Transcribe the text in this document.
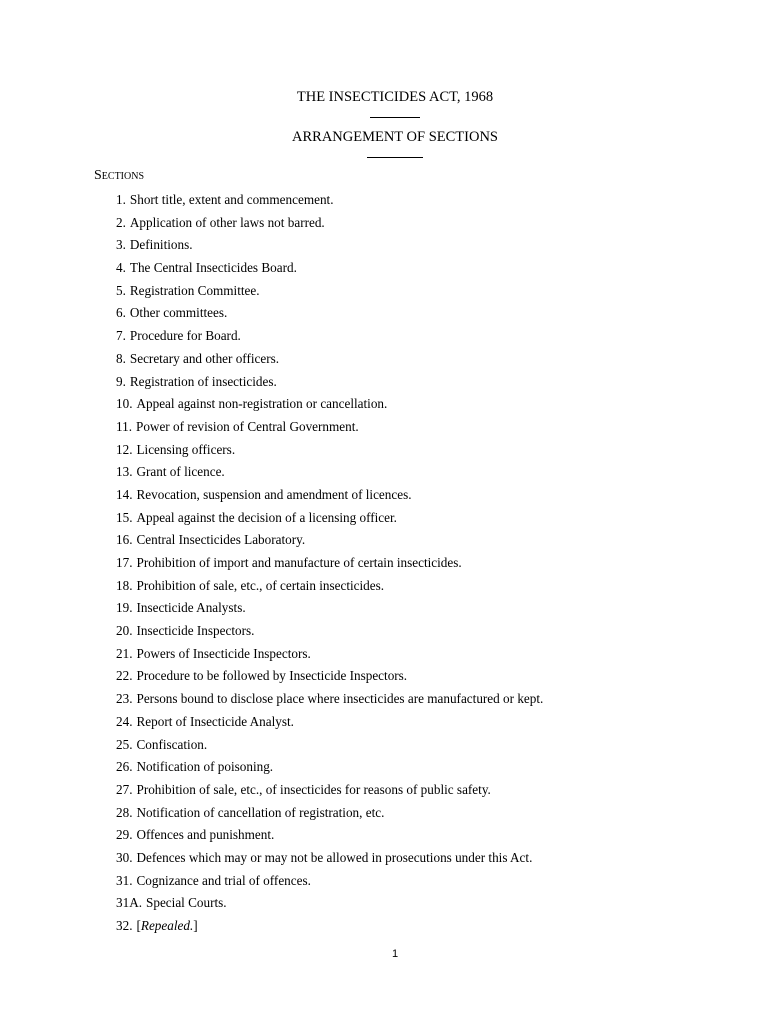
THE INSECTICIDES ACT, 1968
ARRANGEMENT OF SECTIONS
Sections
1. Short title, extent and commencement.
2. Application of other laws not barred.
3. Definitions.
4. The Central Insecticides Board.
5. Registration Committee.
6. Other committees.
7. Procedure for Board.
8. Secretary and other officers.
9. Registration of insecticides.
10. Appeal against non-registration or cancellation.
11. Power of revision of Central Government.
12. Licensing officers.
13. Grant of licence.
14. Revocation, suspension and amendment of licences.
15. Appeal against the decision of a licensing officer.
16. Central Insecticides Laboratory.
17. Prohibition of import and manufacture of certain insecticides.
18. Prohibition of sale, etc., of certain insecticides.
19. Insecticide Analysts.
20. Insecticide Inspectors.
21. Powers of Insecticide Inspectors.
22. Procedure to be followed by Insecticide Inspectors.
23. Persons bound to disclose place where insecticides are manufactured or kept.
24. Report of Insecticide Analyst.
25. Confiscation.
26. Notification of poisoning.
27. Prohibition of sale, etc., of insecticides for reasons of public safety.
28. Notification of cancellation of registration, etc.
29. Offences and punishment.
30. Defences which may or may not be allowed in prosecutions under this Act.
31. Cognizance and trial of offences.
31A. Special Courts.
32. [Repealed.]
1
